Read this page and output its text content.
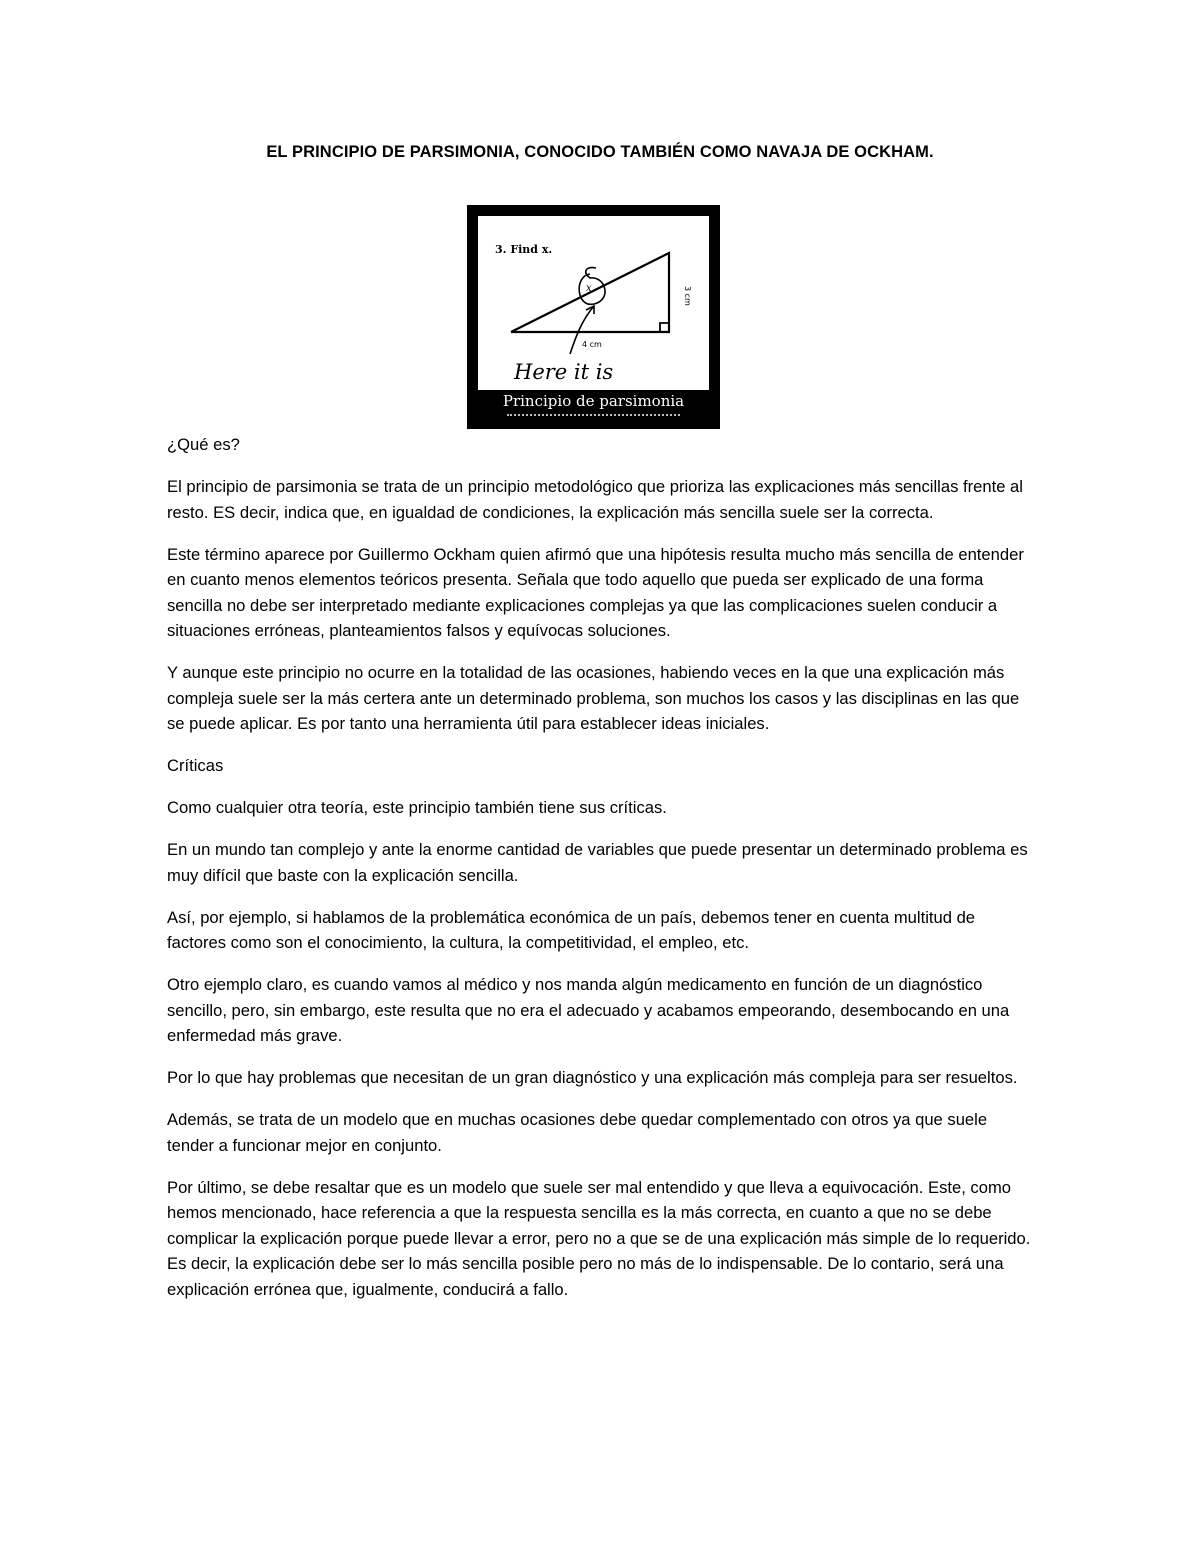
EL PRINCIPIO DE PARSIMONIA, CONOCIDO TAMBIÉN COMO NAVAJA DE OCKHAM.
3. Find x.
x
4 cm
3 cm
Here it is
Principio de parsimonia
¿Qué es?

El principio de parsimonia se trata de un principio metodológico que prioriza las explicaciones más sencillas frente al resto. ES decir, indica que, en igualdad de condiciones, la explicación más sencilla suele ser la correcta.

Este término aparece por Guillermo Ockham quien afirmó que una hipótesis resulta mucho más sencilla de entender en cuanto menos elementos teóricos presenta. Señala que todo aquello que pueda ser explicado de una forma sencilla no debe ser interpretado mediante explicaciones complejas ya que las complicaciones suelen conducir a situaciones erróneas, planteamientos falsos y equívocas soluciones.

Y aunque este principio no ocurre en la totalidad de las ocasiones, habiendo veces en la que una explicación más compleja suele ser la más certera ante un determinado problema, son muchos los casos y las disciplinas en las que se puede aplicar. Es por tanto una herramienta útil para establecer ideas iniciales.

Críticas

Como cualquier otra teoría, este principio también tiene sus críticas.

En un mundo tan complejo y ante la enorme cantidad de variables que puede presentar un determinado problema es muy difícil que baste con la explicación sencilla.

Así, por ejemplo, si hablamos de la problemática económica de un país, debemos tener en cuenta multitud de factores como son el conocimiento, la cultura, la competitividad, el empleo, etc.

Otro ejemplo claro, es cuando vamos al médico y nos manda algún medicamento en función de un diagnóstico sencillo, pero, sin embargo, este resulta que no era el adecuado y acabamos empeorando, desembocando en una enfermedad más grave.

Por lo que hay problemas que necesitan de un gran diagnóstico y una explicación más compleja para ser resueltos.

Además, se trata de un modelo que en muchas ocasiones debe quedar complementado con otros ya que suele tender a funcionar mejor en conjunto.

Por último, se debe resaltar que es un modelo que suele ser mal entendido y que lleva a equivocación. Este, como hemos mencionado, hace referencia a que la respuesta sencilla es la más correcta, en cuanto a que no se debe complicar la explicación porque puede llevar a error, pero no a que se de una explicación más simple de lo requerido. Es decir, la explicación debe ser lo más sencilla posible pero no más de lo indispensable. De lo contario, será una explicación errónea que, igualmente, conducirá a fallo.
